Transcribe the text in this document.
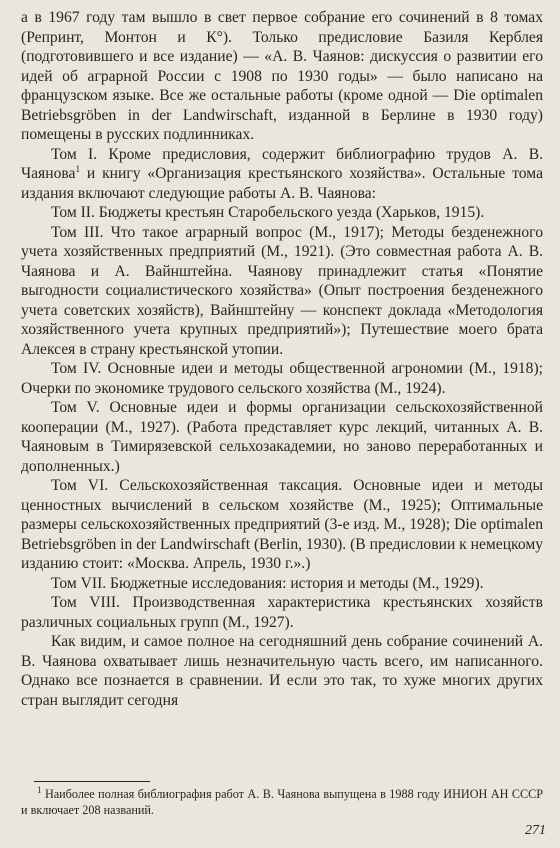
а в 1967 году там вышло в свет первое собрание его сочинений в 8 томах (Репринт, Монтон и К°). Только предисловие Базиля Керблея (подготовившего и все издание) — «А. В. Чаянов: дискуссия о развитии его идей об аграрной России с 1908 по 1930 годы» — было написано на французском языке. Все же остальные работы (кроме одной — Die optimalen Betriebsgröben in der Landwirschaft, изданной в Берлине в 1930 году) помещены в русских подлинниках.

Том I. Кроме предисловия, содержит библиографию трудов А. В. Чаянова$^1$ и книгу «Организация крестьянского хозяйства». Остальные тома издания включают следующие работы А. В. Чаянова:

Том II. Бюджеты крестьян Старобельского уезда (Харьков, 1915).

Том III. Что такое аграрный вопрос (М., 1917); Методы безденежного учета хозяйственных предприятий (М., 1921). (Это совместная работа А. В. Чаянова и А. Вайнштейна. Чаянову принадлежит статья «Понятие выгодности социалистического хозяйства» (Опыт построения безденежного учета советских хозяйств), Вайнштейну — конспект доклада «Методология хозяйственного учета крупных предприятий»); Путешествие моего брата Алексея в страну крестьянской утопии.

Том IV. Основные идеи и методы общественной агрономии (М., 1918); Очерки по экономике трудового сельского хозяйства (М., 1924).

Том V. Основные идеи и формы организации сельскохозяйственной кооперации (М., 1927). (Работа представляет курс лекций, читанных А. В. Чаяновым в Тимирязевской сельхозакадемии, но заново переработанных и дополненных.)

Том VI. Сельскохозяйственная таксация. Основные идеи и методы ценностных вычислений в сельском хозяйстве (М., 1925); Оптимальные размеры сельскохозяйственных предприятий (3-е изд. М., 1928); Die optimalen Betriebsgröben in der Landwirschaft (Berlin, 1930). (В предисловии к немецкому изданию стоит: «Москва. Апрель, 1930 г.».)

Том VII. Бюджетные исследования: история и методы (М., 1929).

Том VIII. Производственная характеристика крестьянских хозяйств различных социальных групп (М., 1927).

Как видим, и самое полное на сегодняшний день собрание сочинений А. В. Чаянова охватывает лишь незначительную часть всего, им написанного. Однако все познается в сравнении. И если это так, то хуже многих других стран выглядит сегодня

$^1$ Наиболее полная библиография работ А. В. Чаянова выпущена в 1988 году ИНИОН АН СССР и включает 208 названий.
271
